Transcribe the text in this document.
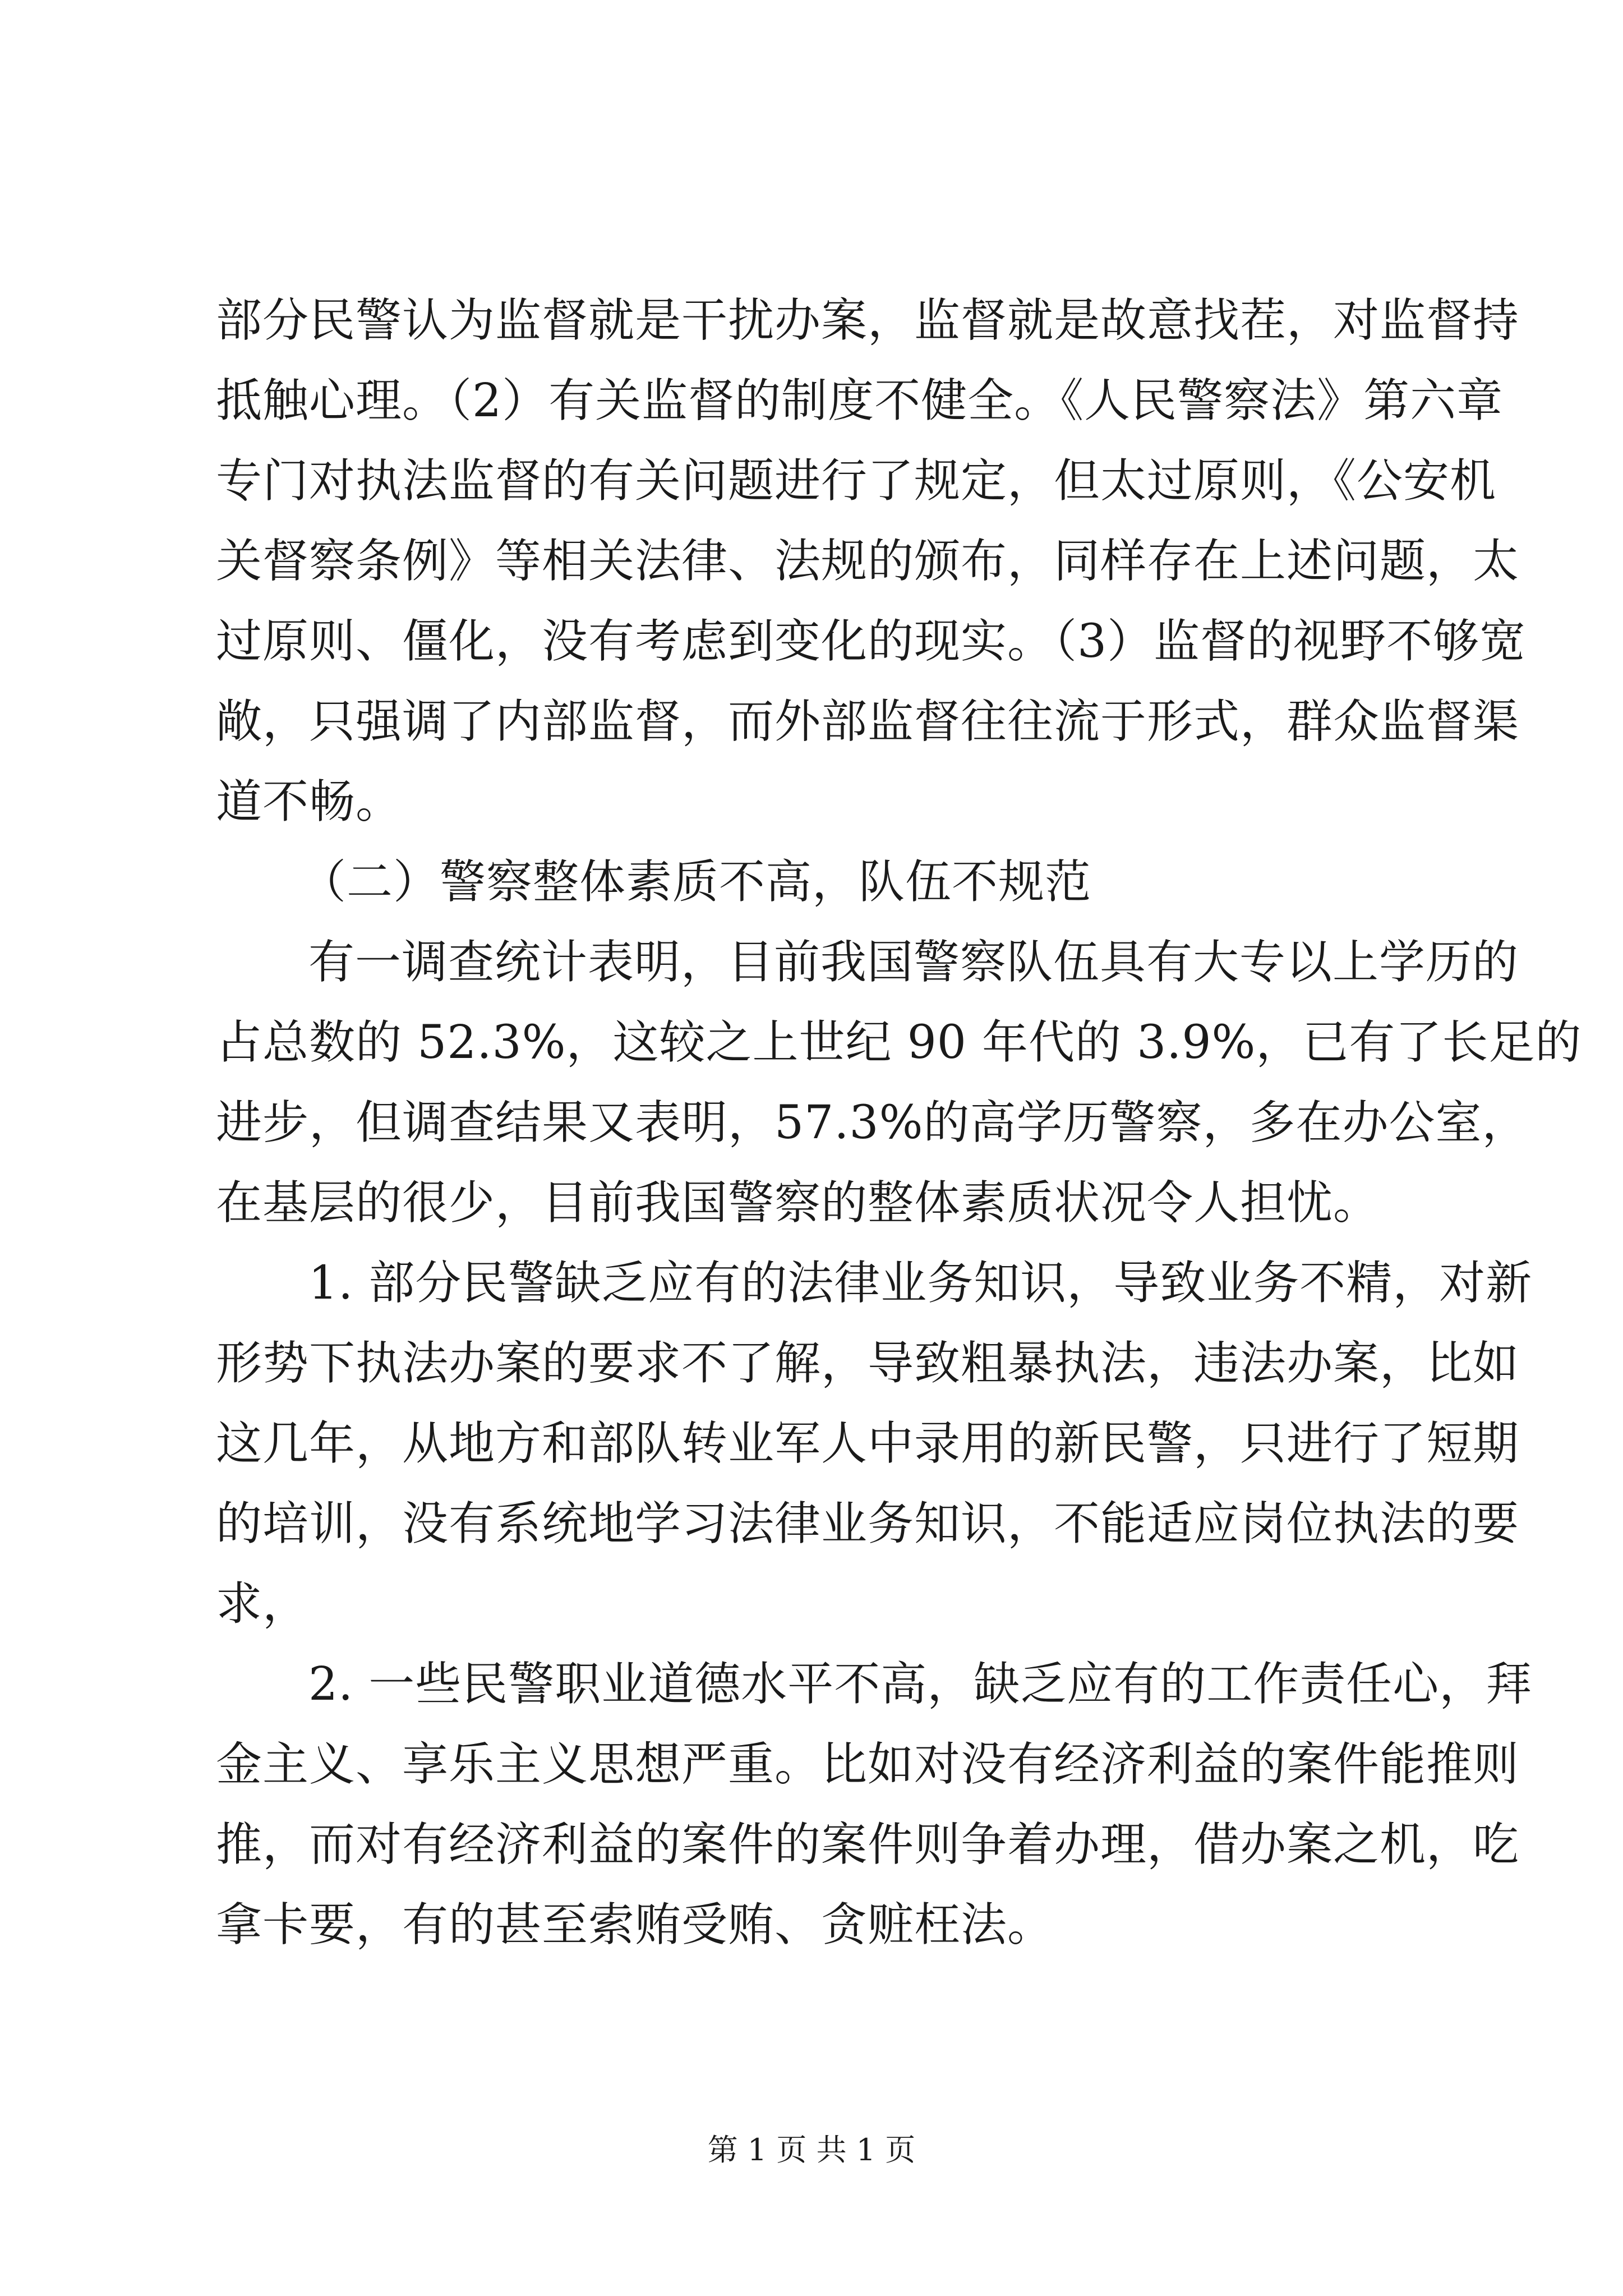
部分民警认为监督就是干扰办案，监督就是故意找茬，对监督持
抵触心理。（2）有关监督的制度不健全。《人民警察法》第六章
专门对执法监督的有关问题进行了规定，但太过原则，《公安机
关督察条例》等相关法律、法规的颁布，同样存在上述问题，太
过原则、僵化，没有考虑到变化的现实。（3）监督的视野不够宽
敞，只强调了内部监督，而外部监督往往流于形式，群众监督渠
道不畅。
（二）警察整体素质不高，队伍不规范
有一调查统计表明，目前我国警察队伍具有大专以上学历的
占总数的 52.3%，这较之上世纪 90 年代的 3.9%，已有了长足的
进步，但调查结果又表明，57.3%的高学历警察，多在办公室，
在基层的很少，目前我国警察的整体素质状况令人担忧。
1. 部分民警缺乏应有的法律业务知识，导致业务不精，对新
形势下执法办案的要求不了解，导致粗暴执法，违法办案，比如
这几年，从地方和部队转业军人中录用的新民警，只进行了短期
的培训，没有系统地学习法律业务知识，不能适应岗位执法的要
求，
2. 一些民警职业道德水平不高，缺乏应有的工作责任心，拜
金主义、享乐主义思想严重。比如对没有经济利益的案件能推则
推，而对有经济利益的案件的案件则争着办理，借办案之机，吃
拿卡要，有的甚至索贿受贿、贪赃枉法。
第 1 页 共 1 页
